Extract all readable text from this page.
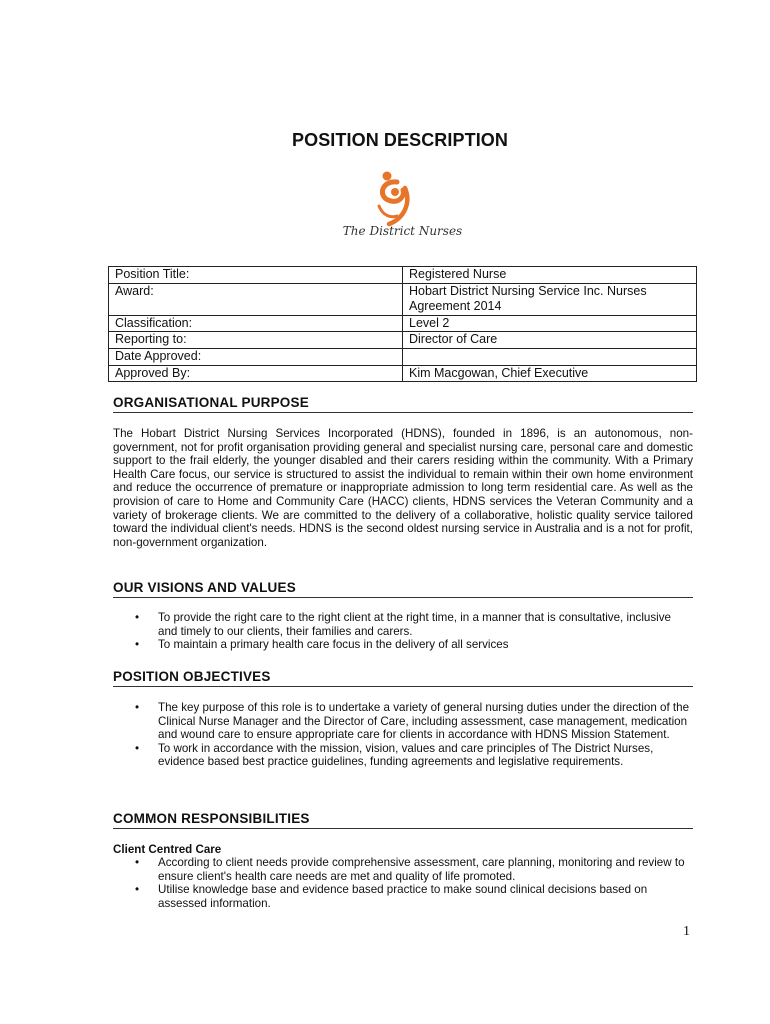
POSITION DESCRIPTION
The District Nurses
Position Title:	Registered Nurse
Award:	Hobart District Nursing Service Inc. Nurses Agreement 2014
Classification:	Level 2
Reporting to:	Director of Care
Date Approved:	
Approved By:	Kim Macgowan, Chief Executive
ORGANISATIONAL PURPOSE
The Hobart District Nursing Services Incorporated (HDNS), founded in 1896, is an autonomous, non-government, not for profit organisation providing general and specialist nursing care, personal care and domestic support to the frail elderly, the younger disabled and their carers residing within the community. With a Primary Health Care focus, our service is structured to assist the individual to remain within their own home environment and reduce the occurrence of premature or inappropriate admission to long term residential care. As well as the provision of care to Home and Community Care (HACC) clients, HDNS services the Veteran Community and a variety of brokerage clients. We are committed to the delivery of a collaborative, holistic quality service tailored toward the individual client's needs. HDNS is the second oldest nursing service in Australia and is a not for profit, non-government organization.
OUR VISIONS AND VALUES
• To provide the right care to the right client at the right time, in a manner that is consultative, inclusive and timely to our clients, their families and carers.
• To maintain a primary health care focus in the delivery of all services
POSITION OBJECTIVES
• The key purpose of this role is to undertake a variety of general nursing duties under the direction of the Clinical Nurse Manager and the Director of Care, including assessment, case management, medication and wound care to ensure appropriate care for clients in accordance with HDNS Mission Statement.
• To work in accordance with the mission, vision, values and care principles of The District Nurses, evidence based best practice guidelines, funding agreements and legislative requirements.
COMMON RESPONSIBILITIES
Client Centred Care
• According to client needs provide comprehensive assessment, care planning, monitoring and review to ensure client's health care needs are met and quality of life promoted.
• Utilise knowledge base and evidence based practice to make sound clinical decisions based on assessed information.
1
